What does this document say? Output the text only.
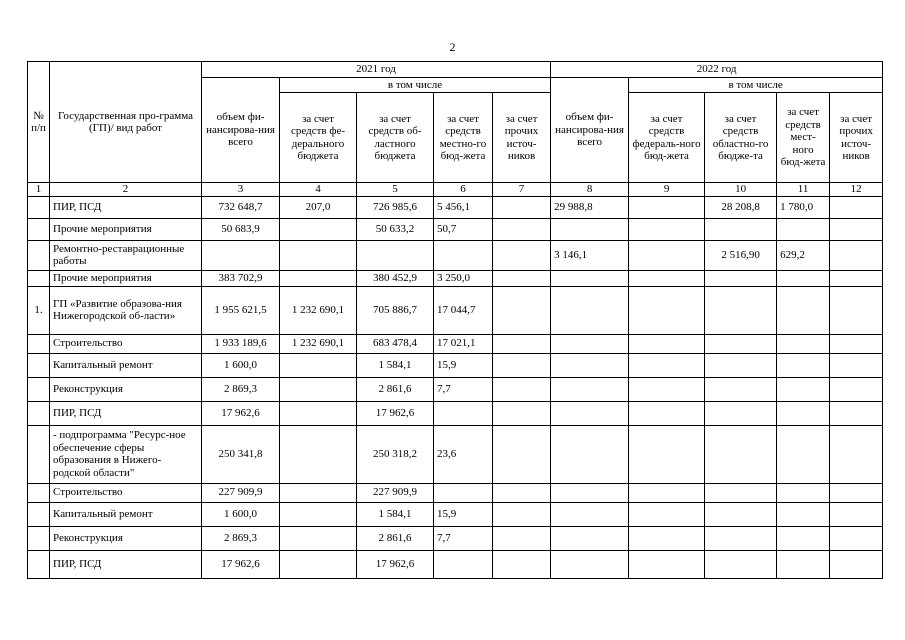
2
№ п/п	Государственная про-грамма (ГП)/ вид работ	2021 год					2022 год				
		объем фи-нансирова-ния всего	в том числе				объем фи-нансирова-ния всего	в том числе			
			за счет средств фе-дерального бюджета	за счет средств об-ластного бюджета	за счет средств местно-го бюд-жета	за счет прочих источ-ников		за счет средств федераль-ного бюд-жета	за счет средств областно-го бюдже-та	за счет средств мест-ного бюд-жета	за счет прочих источ-ников
1	2	3	4	5	6	7	8	9	10	11	12
	ПИР, ПСД	732 648,7	207,0	726 985,6	5 456,1		29 988,8		28 208,8	1 780,0	
	Прочие мероприятия	50 683,9		50 633,2	50,7						
	Ремонтно-реставрационные работы						3 146,1		2 516,90	629,2	
	Прочие мероприятия	383 702,9		380 452,9	3 250,0						
1.	ГП «Развитие образова-ния Нижегородской об-ласти»	1 955 621,5	1 232 690,1	705 886,7	17 044,7						
	Строительство	1 933 189,6	1 232 690,1	683 478,4	17 021,1						
	Капитальный ремонт	1 600,0		1 584,1	15,9						
	Реконструкция	2 869,3		2 861,6	7,7						
	ПИР, ПСД	17 962,6		17 962,6							
	- подпрограмма "Ресурс-ное обеспечение сферы образования в Нижего-родской области"	250 341,8		250 318,2	23,6						
	Строительство	227 909,9		227 909,9							
	Капитальный ремонт	1 600,0		1 584,1	15,9						
	Реконструкция	2 869,3		2 861,6	7,7						
	ПИР, ПСД	17 962,6		17 962,6							
